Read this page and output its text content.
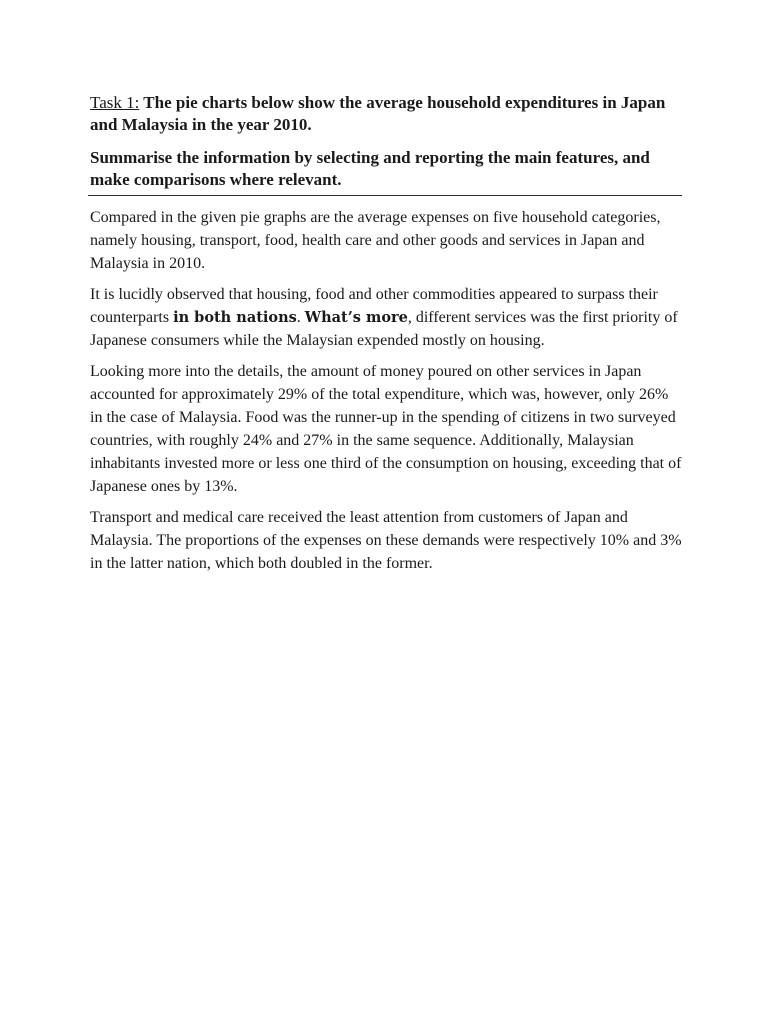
Task 1: The pie charts below show the average household expenditures in Japan and Malaysia in the year 2010.

Summarise the information by selecting and reporting the main features, and make comparisons where relevant.

Compared in the given pie graphs are the average expenses on five household categories, namely housing, transport, food, health care and other goods and services in Japan and Malaysia in 2010.

It is lucidly observed that housing, food and other commodities appeared to surpass their counterparts in both nations. What’s more, different services was the first priority of Japanese consumers while the Malaysian expended mostly on housing.

Looking more into the details, the amount of money poured on other services in Japan accounted for approximately 29% of the total expenditure, which was, however, only 26% in the case of Malaysia. Food was the runner-up in the spending of citizens in two surveyed countries, with roughly 24% and 27% in the same sequence. Additionally, Malaysian inhabitants invested more or less one third of the consumption on housing, exceeding that of Japanese ones by 13%.

Transport and medical care received the least attention from customers of Japan and Malaysia. The proportions of the expenses on these demands were respectively 10% and 3% in the latter nation, which both doubled in the former.
